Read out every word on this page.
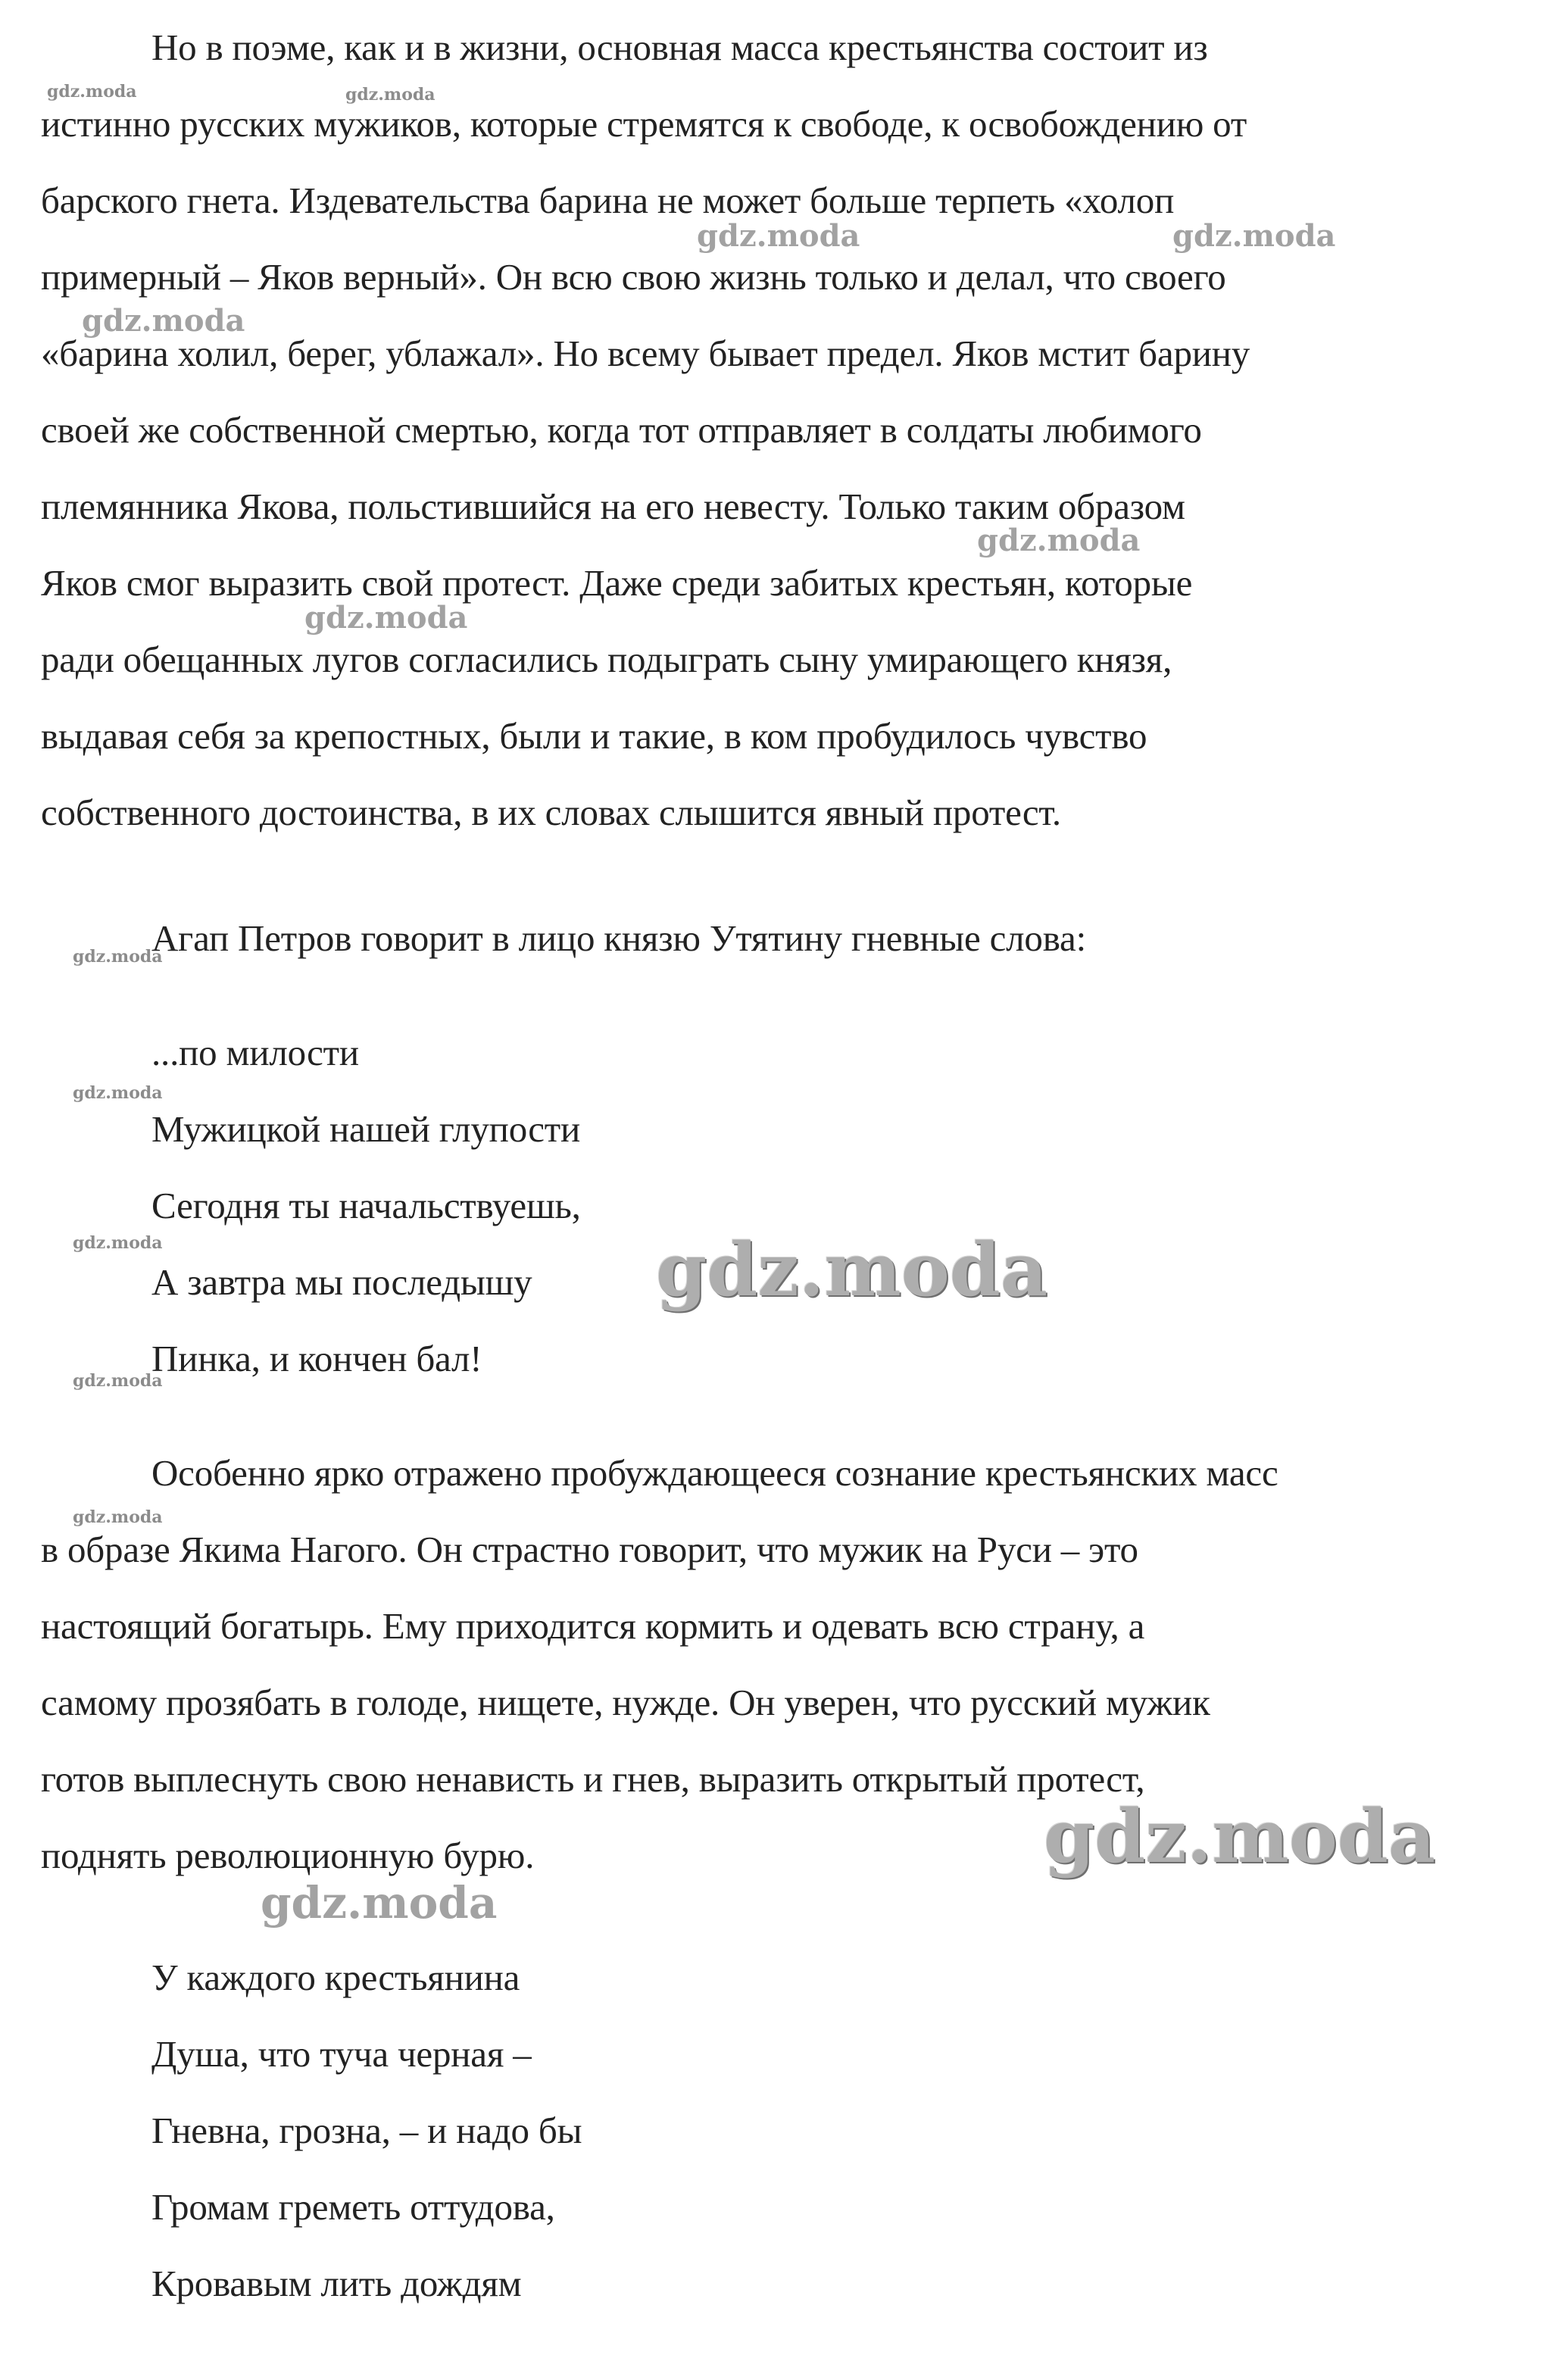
Но в поэме, как и в жизни, основная масса крестьянства состоит из
истинно русских мужиков, которые стремятся к свободе, к освобождению от
барского гнета. Издевательства барина не может больше терпеть «холоп
примерный – Яков верный». Он всю свою жизнь только и делал, что своего
«барина холил, берег, ублажал». Но всему бывает предел. Яков мстит барину
своей же собственной смертью, когда тот отправляет в солдаты любимого
племянника Якова, польстившийся на его невесту. Только таким образом
Яков смог выразить свой протест. Даже среди забитых крестьян, которые
ради обещанных лугов согласились подыграть сыну умирающего князя,
выдавая себя за крепостных, были и такие, в ком пробудилось чувство
собственного достоинства, в их словах слышится явный протест.
Агап Петров говорит в лицо князю Утятину гневные слова:
...по милости
Мужицкой нашей глупости
Сегодня ты начальствуешь,
А завтра мы последышу
Пинка, и кончен бал!
Особенно ярко отражено пробуждающееся сознание крестьянских масс
в образе Якима Нагого. Он страстно говорит, что мужик на Руси – это
настоящий богатырь. Ему приходится кормить и одевать всю страну, а
самому прозябать в голоде, нищете, нужде. Он уверен, что русский мужик
готов выплеснуть свою ненависть и гнев, выразить открытый протест,
поднять революционную бурю.
У каждого крестьянина
Душа, что туча черная –
Гневна, грозна, – и надо бы
Громам греметь оттудова,
Кровавым лить дождям
gdz.moda	gdz.moda
gdz.moda	gdz.moda
gdz.moda
gdz.moda
gdz.moda
gdz.moda
gdz.moda
gdz.moda	gdz.moda
gdz.moda
gdz.moda
gdz.moda
gdz.moda
